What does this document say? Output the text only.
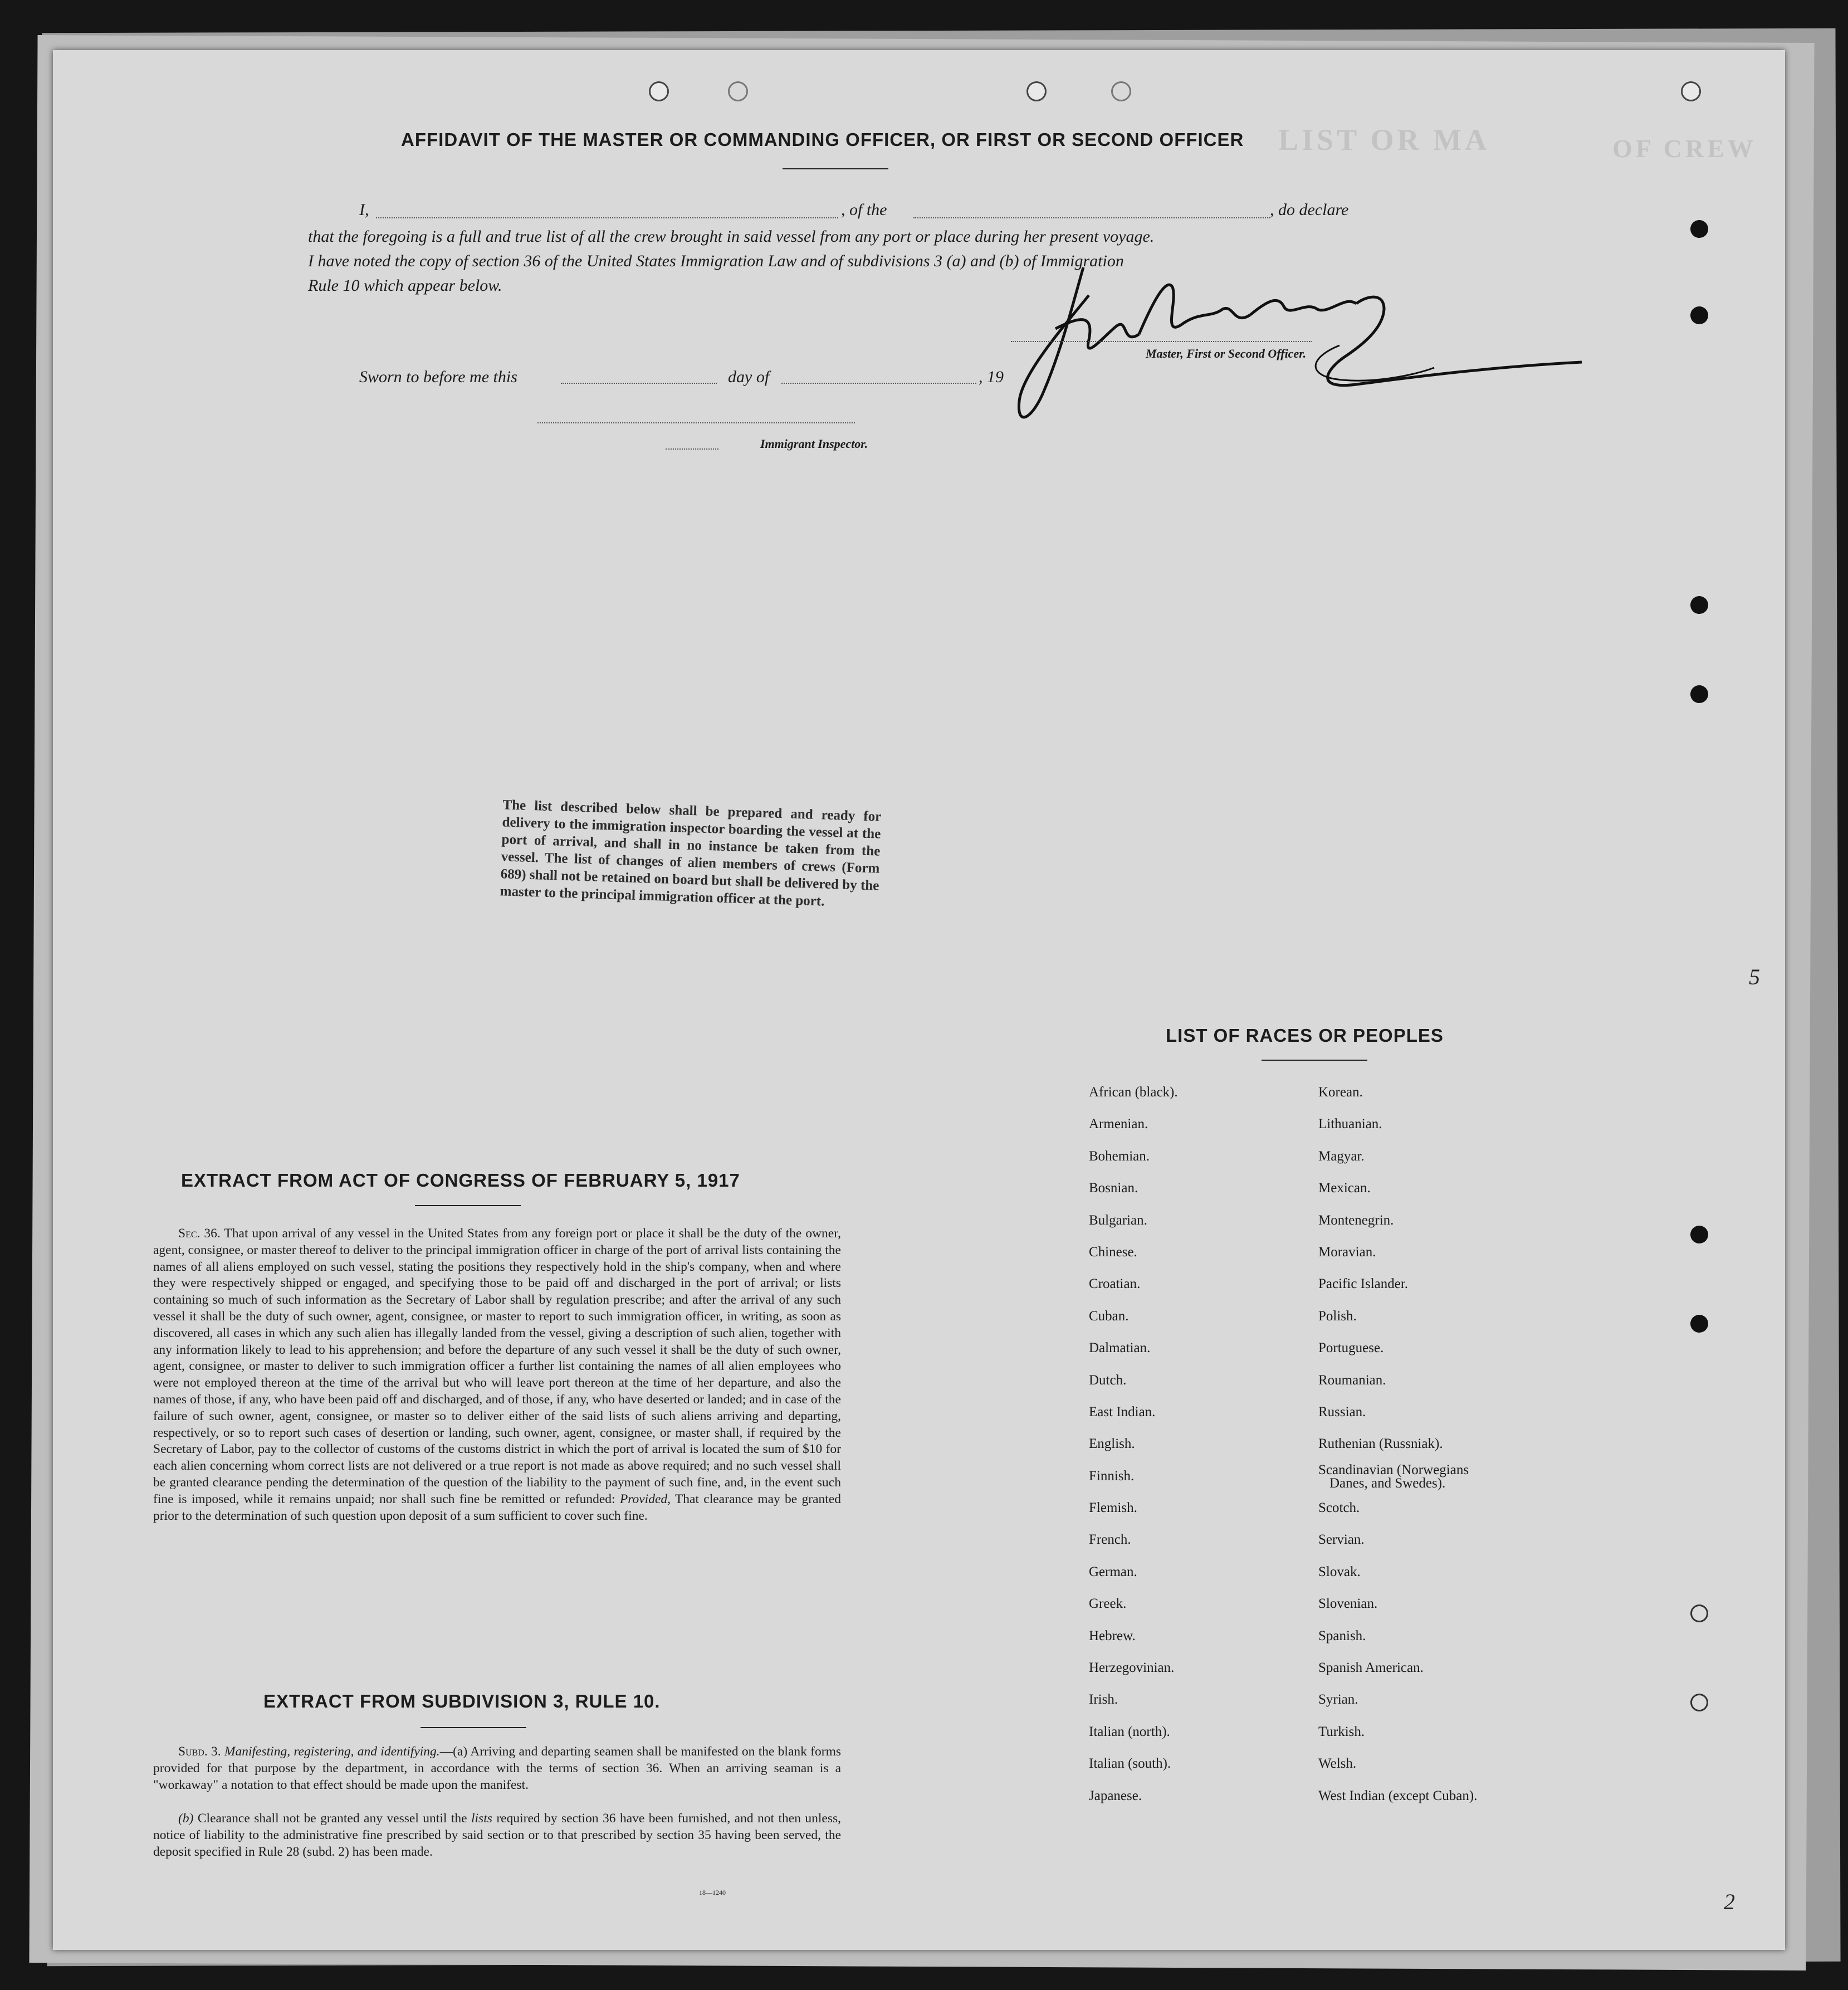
LIST OR MA	OF CREW
AFFIDAVIT OF THE MASTER OR COMMANDING OFFICER, OR FIRST OR SECOND OFFICER
I,	, of the	, do declare
that the foregoing is a full and true list of all the crew brought in said vessel from any port or place during her present voyage.
I have noted the copy of section 36 of the United States Immigration Law and of subdivisions 3 (a) and (b) of Immigration
Rule 10 which appear below.
Master, First or Second Officer.
Sworn to before me this	day of	, 19
Immigrant Inspector.
The list described below shall be prepared and ready for delivery to the immigration inspector boarding the vessel at the port of arrival, and shall in no instance be taken from the vessel. The list of changes of alien members of crews (Form 689) shall not be retained on board but shall be delivered by the master to the principal immigration officer at the port.
EXTRACT FROM ACT OF CONGRESS OF FEBRUARY 5, 1917
Sec. 36. That upon arrival of any vessel in the United States from any foreign port or place it shall be the duty of the owner, agent, consignee, or master thereof to deliver to the principal immigration officer in charge of the port of arrival lists containing the names of all aliens employed on such vessel, stating the positions they respectively hold in the ship's company, when and where they were respectively shipped or engaged, and specifying those to be paid off and discharged in the port of arrival; or lists containing so much of such information as the Secretary of Labor shall by regulation prescribe; and after the arrival of any such vessel it shall be the duty of such owner, agent, consignee, or master to report to such immigration officer, in writing, as soon as discovered, all cases in which any such alien has illegally landed from the vessel, giving a description of such alien, together with any information likely to lead to his apprehension; and before the departure of any such vessel it shall be the duty of such owner, agent, consignee, or master to deliver to such immigration officer a further list containing the names of all alien employees who were not employed thereon at the time of the arrival but who will leave port thereon at the time of her departure, and also the names of those, if any, who have been paid off and discharged, and of those, if any, who have deserted or landed; and in case of the failure of such owner, agent, consignee, or master so to deliver either of the said lists of such aliens arriving and departing, respectively, or so to report such cases of desertion or landing, such owner, agent, consignee, or master shall, if required by the Secretary of Labor, pay to the collector of customs of the customs district in which the port of arrival is located the sum of $10 for each alien concerning whom correct lists are not delivered or a true report is not made as above required; and no such vessel shall be granted clearance pending the determination of the question of the liability to the payment of such fine, and, in the event such fine is imposed, while it remains unpaid; nor shall such fine be remitted or refunded: Provided, That clearance may be granted prior to the determination of such question upon deposit of a sum sufficient to cover such fine.
EXTRACT FROM SUBDIVISION 3, RULE 10.
Subd. 3. Manifesting, registering, and identifying.—(a) Arriving and departing seamen shall be manifested on the blank forms provided for that purpose by the department, in accordance with the terms of section 36. When an arriving seaman is a "workaway" a notation to that effect should be made upon the manifest.
(b) Clearance shall not be granted any vessel until the lists required by section 36 have been furnished, and not then unless, notice of liability to the administrative fine prescribed by said section or to that prescribed by section 35 having been served, the deposit specified in Rule 28 (subd. 2) has been made.
18—1240
LIST OF RACES OR PEOPLES
African (black).
Armenian.
Bohemian.
Bosnian.
Bulgarian.
Chinese.
Croatian.
Cuban.
Dalmatian.
Dutch.
East Indian.
English.
Finnish.
Flemish.
French.
German.
Greek.
Hebrew.
Herzegovinian.
Irish.
Italian (north).
Italian (south).
Japanese.
Korean.
Lithuanian.
Magyar.
Mexican.
Montenegrin.
Moravian.
Pacific Islander.
Polish.
Portuguese.
Roumanian.
Russian.
Ruthenian (Russniak).
Scandinavian (Norwegians
Danes, and Swedes).
Scotch.
Servian.
Slovak.
Slovenian.
Spanish.
Spanish American.
Syrian.
Turkish.
Welsh.
West Indian (except Cuban).
5
2
